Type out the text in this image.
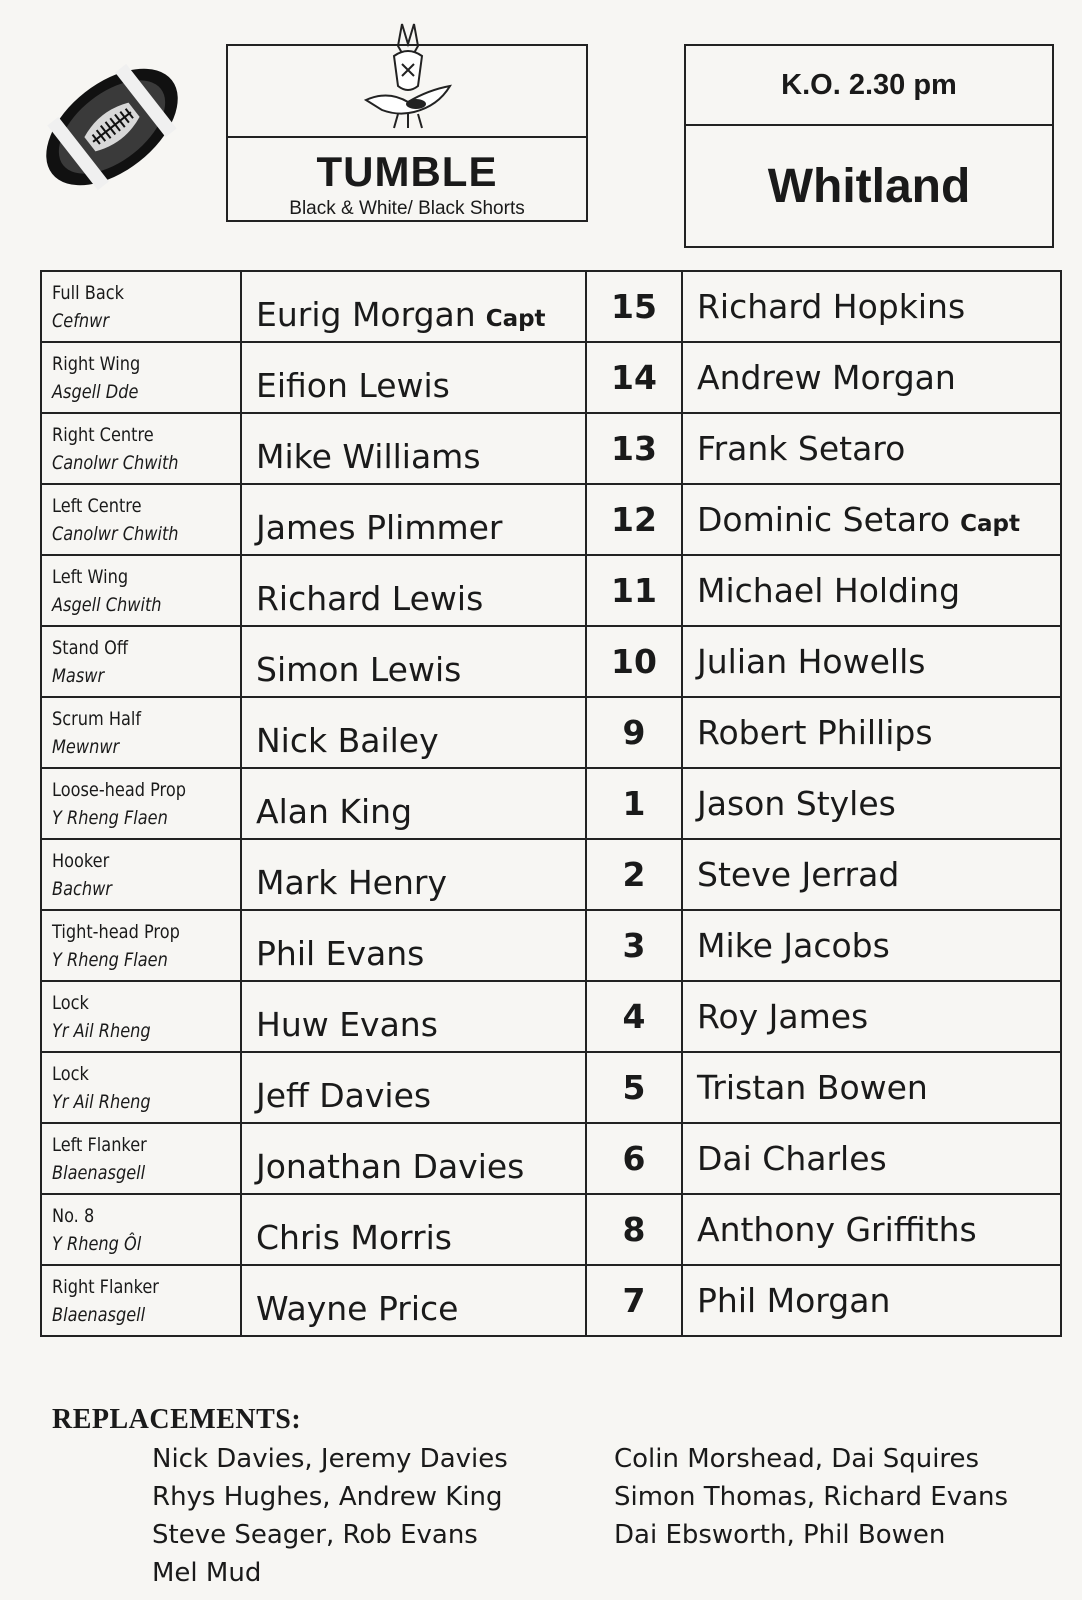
TUMBLE
Black & White/ Black Shorts
K.O. 2.30 pm
Whitland
Full Back
Cefnwr	Eurig Morgan Capt	15	Richard Hopkins

Right Wing
Asgell Dde	Eifion Lewis	14	Andrew Morgan

Right Centre
Canolwr Chwith	Mike Williams	13	Frank Setaro

Left Centre
Canolwr Chwith	James Plimmer	12	Dominic Setaro Capt

Left Wing
Asgell Chwith	Richard Lewis	11	Michael Holding

Stand Off
Maswr	Simon Lewis	10	Julian Howells

Scrum Half
Mewnwr	Nick Bailey	9	Robert Phillips

Loose-head Prop
Y Rheng Flaen	Alan King	1	Jason Styles

Hooker
Bachwr	Mark Henry	2	Steve Jerrad

Tight-head Prop
Y Rheng Flaen	Phil Evans	3	Mike Jacobs

Lock
Yr Ail Rheng	Huw Evans	4	Roy James

Lock
Yr Ail Rheng	Jeff Davies	5	Tristan Bowen

Left Flanker
Blaenasgell	Jonathan Davies	6	Dai Charles

No. 8
Y Rheng Ôl	Chris Morris	8	Anthony Griffiths

Right Flanker
Blaenasgell	Wayne Price	7	Phil Morgan
REPLACEMENTS:
Nick Davies, Jeremy Davies
Rhys Hughes, Andrew King
Steve Seager, Rob Evans
Mel Mud
Colin Morshead, Dai Squires
Simon Thomas, Richard Evans
Dai Ebsworth, Phil Bowen
